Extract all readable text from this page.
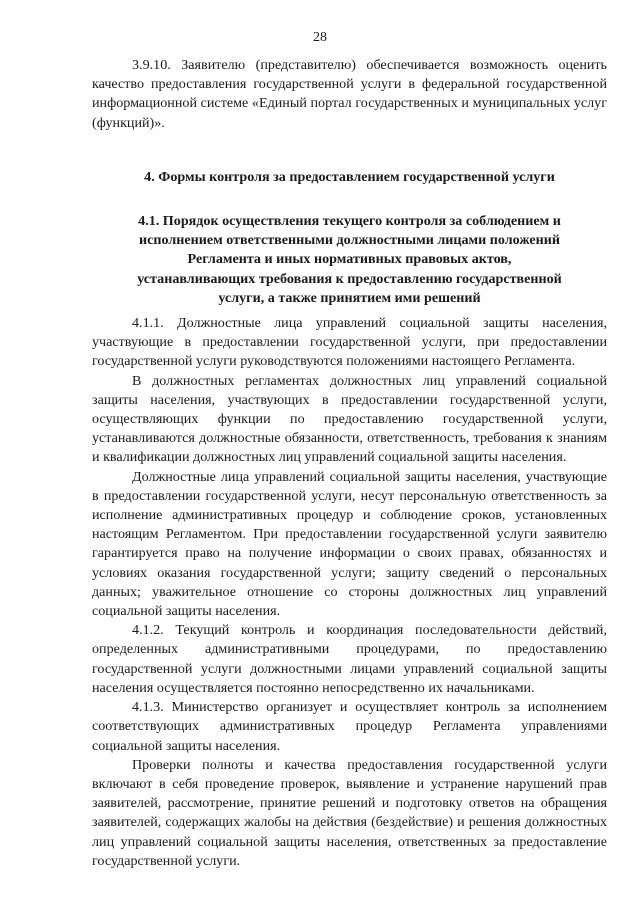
28

3.9.10. Заявителю (представителю) обеспечивается возможность оценить качество предоставления государственной услуги в федеральной государственной информационной системе «Единый портал государственных и муниципальных услуг (функций)».

4. Формы контроля за предоставлением государственной услуги
4.1. Порядок осуществления текущего контроля за соблюдением и исполнением ответственными должностными лицами положений Регламента и иных нормативных правовых актов, устанавливающих требования к предоставлению государственной услуги, а также принятием ими решений

4.1.1. Должностные лица управлений социальной защиты населения, участвующие в предоставлении государственной услуги, при предоставлении государственной услуги руководствуются положениями настоящего Регламента.

В должностных регламентах должностных лиц управлений социальной защиты населения, участвующих в предоставлении государственной услуги, осуществляющих функции по предоставлению государственной услуги, устанавливаются должностные обязанности, ответственность, требования к знаниям и квалификации должностных лиц управлений социальной защиты населения.

Должностные лица управлений социальной защиты населения, участвующие в предоставлении государственной услуги, несут персональную ответственность за исполнение административных процедур и соблюдение сроков, установленных настоящим Регламентом. При предоставлении государственной услуги заявителю гарантируется право на получение информации о своих правах, обязанностях и условиях оказания государственной услуги; защиту сведений о персональных данных; уважительное отношение со стороны должностных лиц управлений социальной защиты населения.

4.1.2. Текущий контроль и координация последовательности действий, определенных административными процедурами, по предоставлению государственной услуги должностными лицами управлений социальной защиты населения осуществляется постоянно непосредственно их начальниками.

4.1.3. Министерство организует и осуществляет контроль за исполнением соответствующих административных процедур Регламента управлениями социальной защиты населения.

Проверки полноты и качества предоставления государственной услуги включают в себя проведение проверок, выявление и устранение нарушений прав заявителей, рассмотрение, принятие решений и подготовку ответов на обращения заявителей, содержащих жалобы на действия (бездействие) и решения должностных лиц управлений социальной защиты населения, ответственных за предоставление государственной услуги.
